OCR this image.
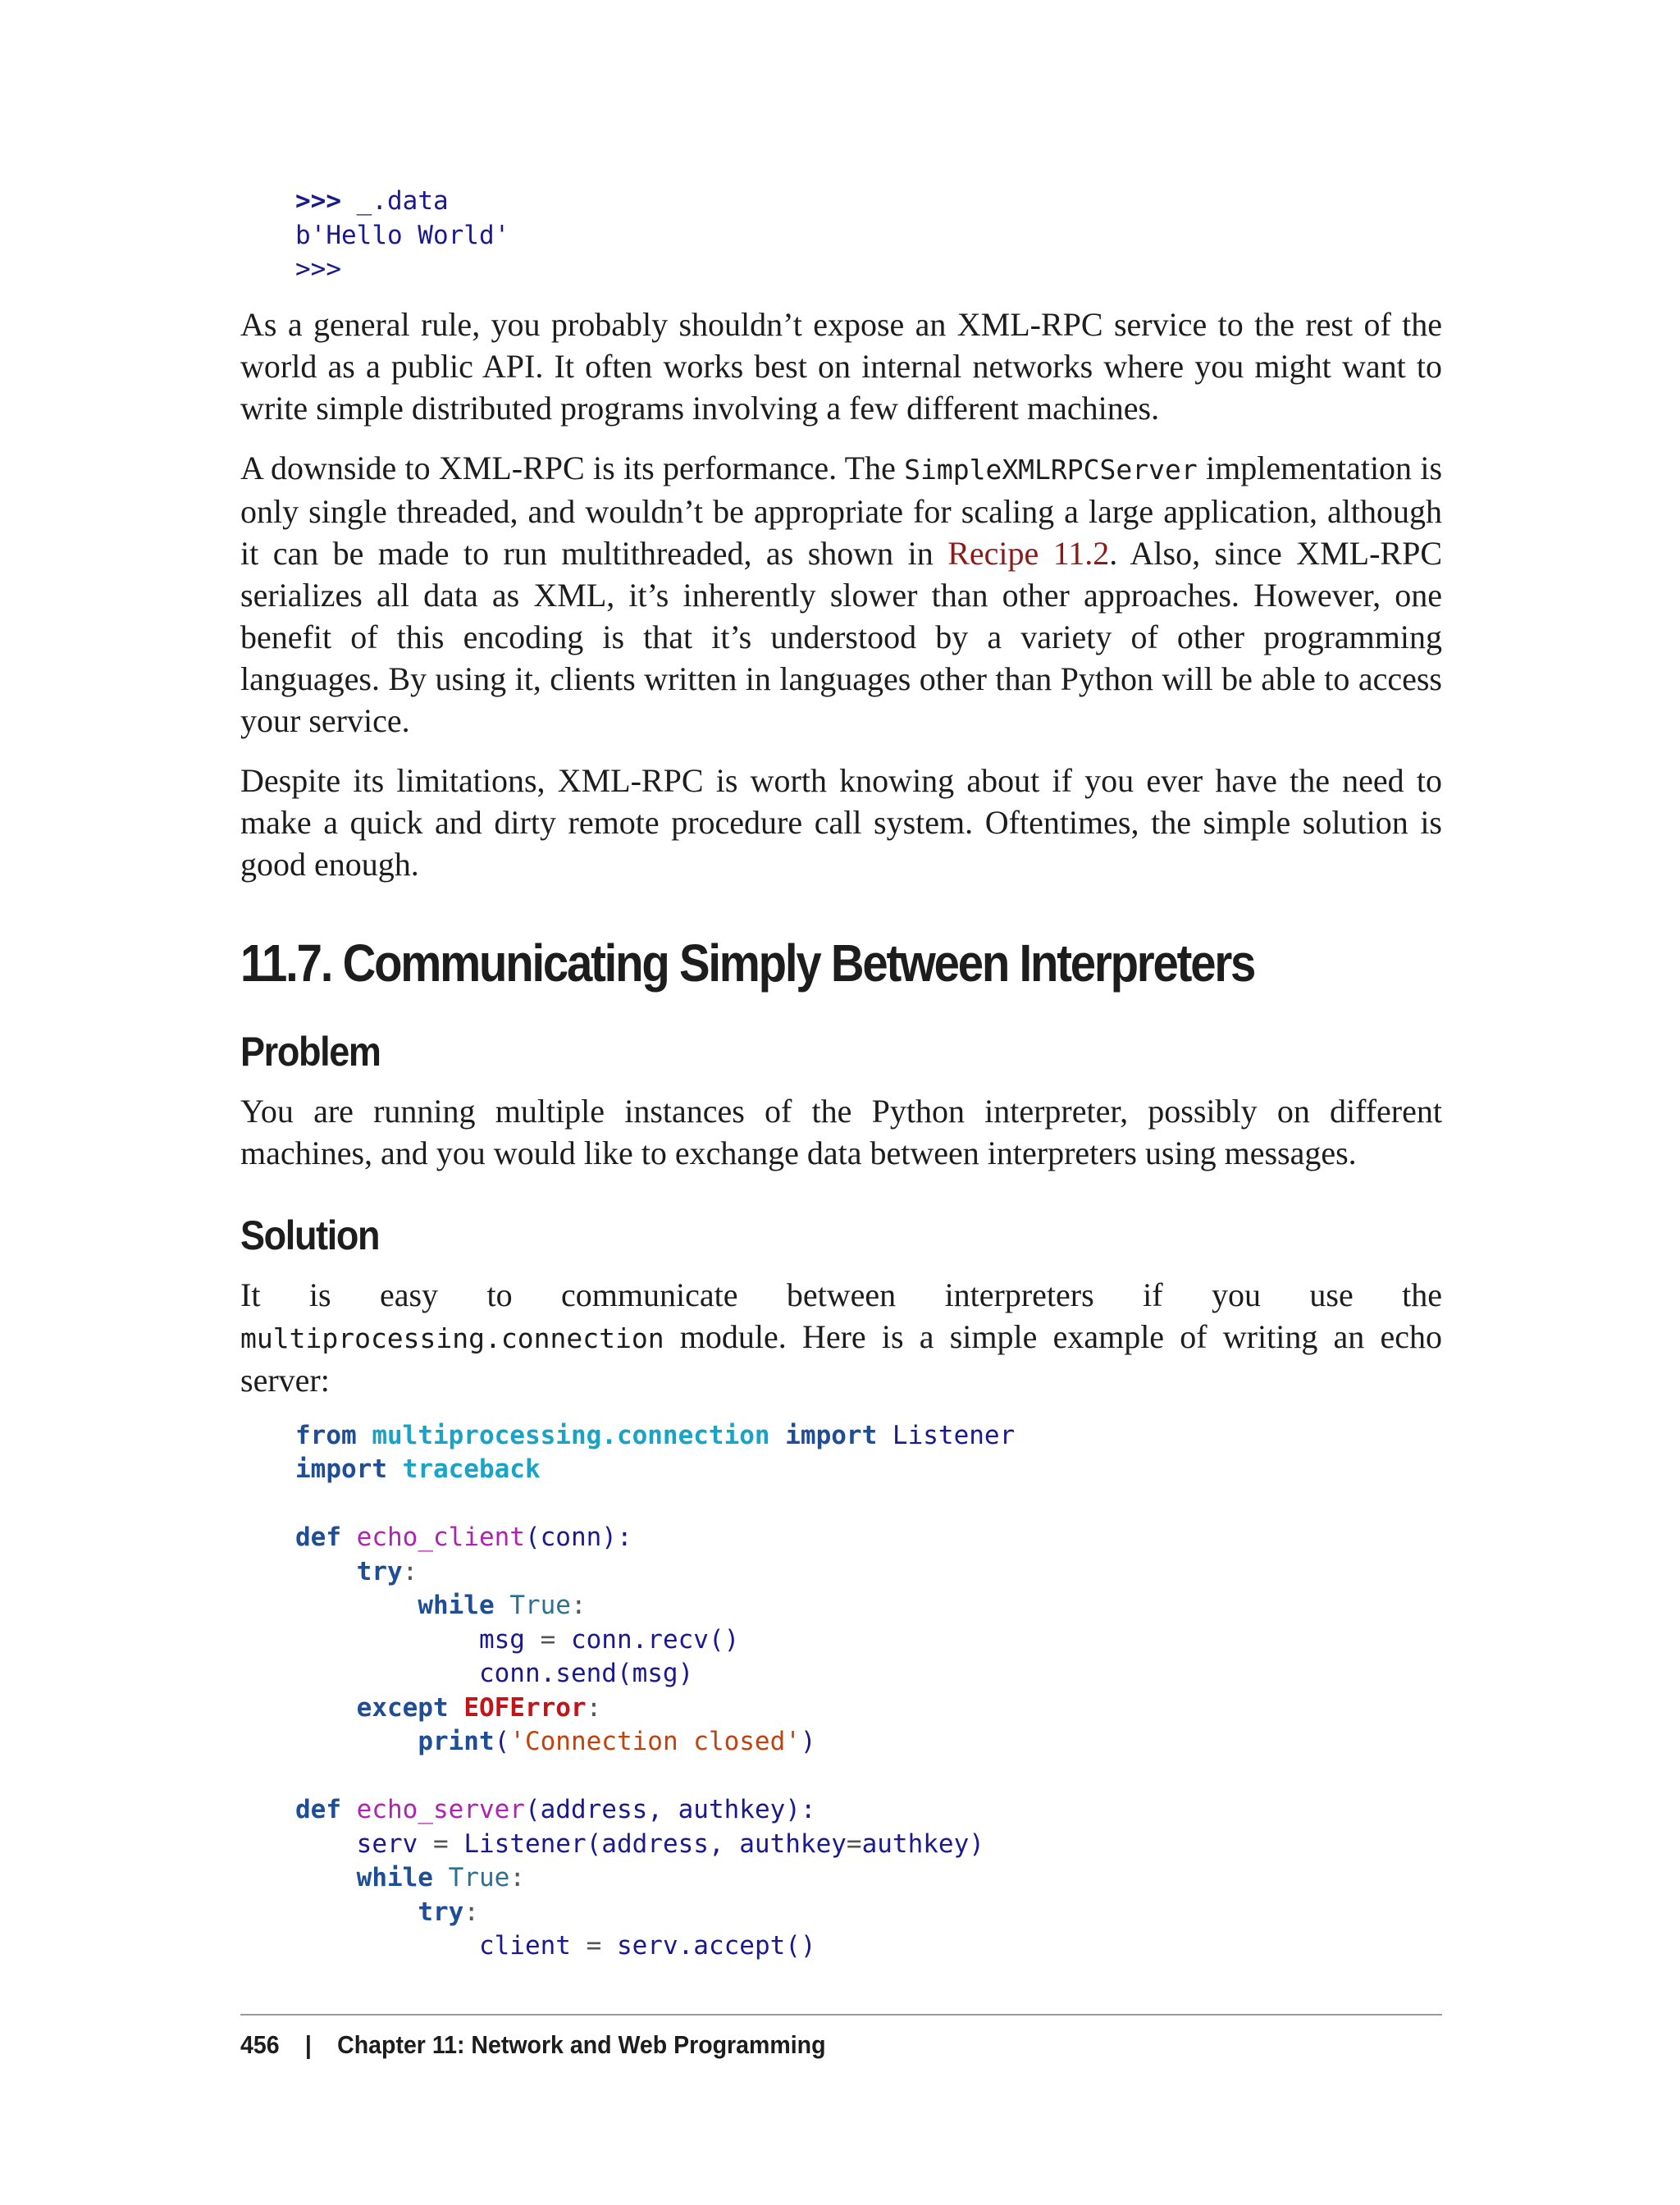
>>> _.data
b'Hello World'
>>>

As a general rule, you probably shouldn’t expose an XML-RPC service to the rest of the world as a public API. It often works best on internal networks where you might want to write simple distributed programs involving a few different machines.

A downside to XML-RPC is its performance. The SimpleXMLRPCServer implementation is only single threaded, and wouldn’t be appropriate for scaling a large application, although it can be made to run multithreaded, as shown in Recipe 11.2. Also, since XML-RPC serializes all data as XML, it’s inherently slower than other approaches. However, one benefit of this encoding is that it’s understood by a variety of other programming languages. By using it, clients written in languages other than Python will be able to access your service.

Despite its limitations, XML-RPC is worth knowing about if you ever have the need to make a quick and dirty remote procedure call system. Oftentimes, the simple solution is good enough.

11.7. Communicating Simply Between Interpreters
Problem

You are running multiple instances of the Python interpreter, possibly on different machines, and you would like to exchange data between interpreters using messages.

Solution

It is easy to communicate between interpreters if you use the multiprocessing.connection module. Here is a simple example of writing an echo server:

from multiprocessing.connection import Listener
import traceback

def echo_client(conn):
try:
while True:
msg = conn.recv()
conn.send(msg)
except EOFError:
print('Connection closed')

def echo_server(address, authkey):
serv = Listener(address, authkey=authkey)
while True:
try:
client = serv.accept()
456 | Chapter 11: Network and Web Programming
